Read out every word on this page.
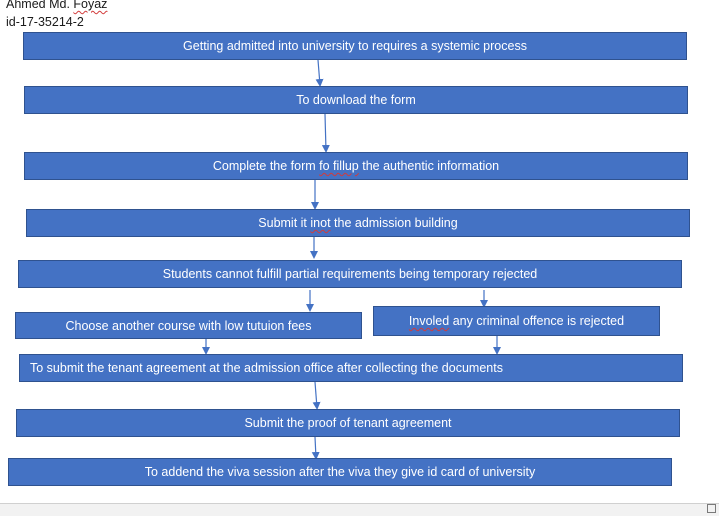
Ahmed Md. Foyaz
id-17-35214-2
Getting admitted into university to requires a systemic process
To download the form
Complete the form fo fillup the authentic information
Submit it inot the admission building
Students cannot fulfill partial requirements being temporary rejected
Choose another course with low tutuion fees	Involed any criminal offence is rejected
To submit the tenant agreement at the admission office after collecting the documents
Submit the proof of tenant agreement
To addend the viva session after the viva they give id card of university
